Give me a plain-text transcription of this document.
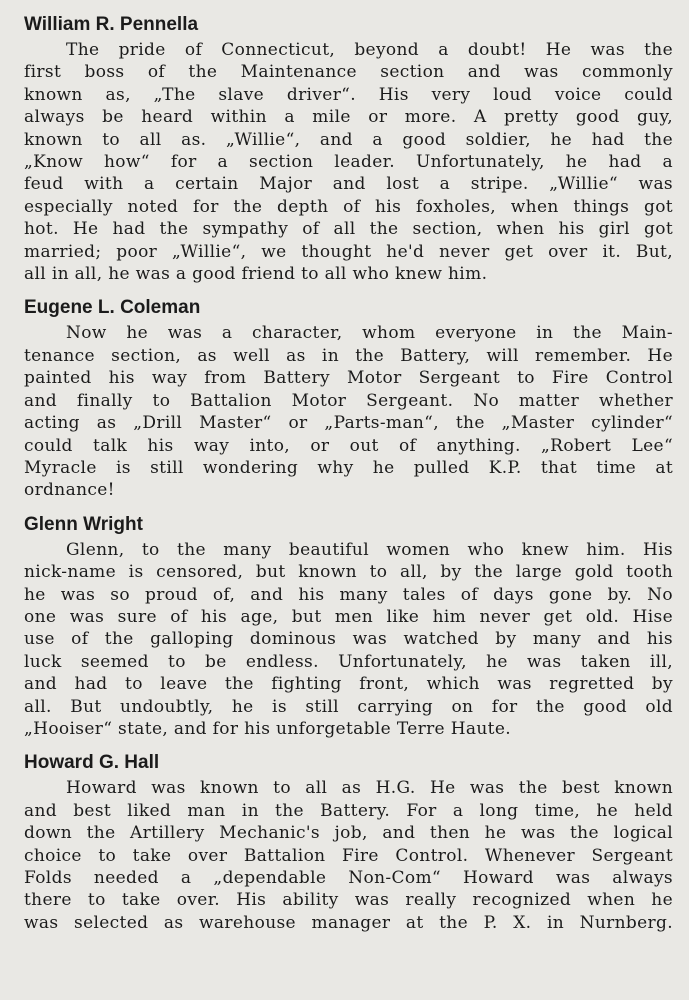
William R. Pennella
The pride of Connecticut, beyond a doubt! He was the
first boss of the Maintenance section and was commonly
known as, „The slave driver“. His very loud voice could
always be heard within a mile or more. A pretty good guy,
known to all as. „Willie“, and a good soldier, he had the
„Know how“ for a section leader. Unfortunately, he had a
feud with a certain Major and lost a stripe. „Willie“ was
especially noted for the depth of his foxholes, when things got
hot. He had the sympathy of all the section, when his girl got
married; poor „Willie“, we thought he'd never get over it. But,
all in all, he was a good friend to all who knew him.
Eugene L. Coleman
Now he was a character, whom everyone in the Main-
tenance section, as well as in the Battery, will remember. He
painted his way from Battery Motor Sergeant to Fire Control
and finally to Battalion Motor Sergeant. No matter whether
acting as „Drill Master“ or „Parts-man“, the „Master cylinder“
could talk his way into, or out of anything. „Robert Lee“
Myracle is still wondering why he pulled K.P. that time at
ordnance!
Glenn Wright
Glenn, to the many beautiful women who knew him. His
nick-name is censored, but known to all, by the large gold tooth
he was so proud of, and his many tales of days gone by. No
one was sure of his age, but men like him never get old. Hise
use of the galloping dominous was watched by many and his
luck seemed to be endless. Unfortunately, he was taken ill,
and had to leave the fighting front, which was regretted by
all. But undoubtly, he is still carrying on for the good old
„Hooiser“ state, and for his unforgetable Terre Haute.
Howard G. Hall
Howard was known to all as H.G. He was the best known
and best liked man in the Battery. For a long time, he held
down the Artillery Mechanic's job, and then he was the logical
choice to take over Battalion Fire Control. Whenever Sergeant
Folds needed a „dependable Non-Com“ Howard was always
there to take over. His ability was really recognized when he
was selected as warehouse manager at the P. X. in Nurnberg.
